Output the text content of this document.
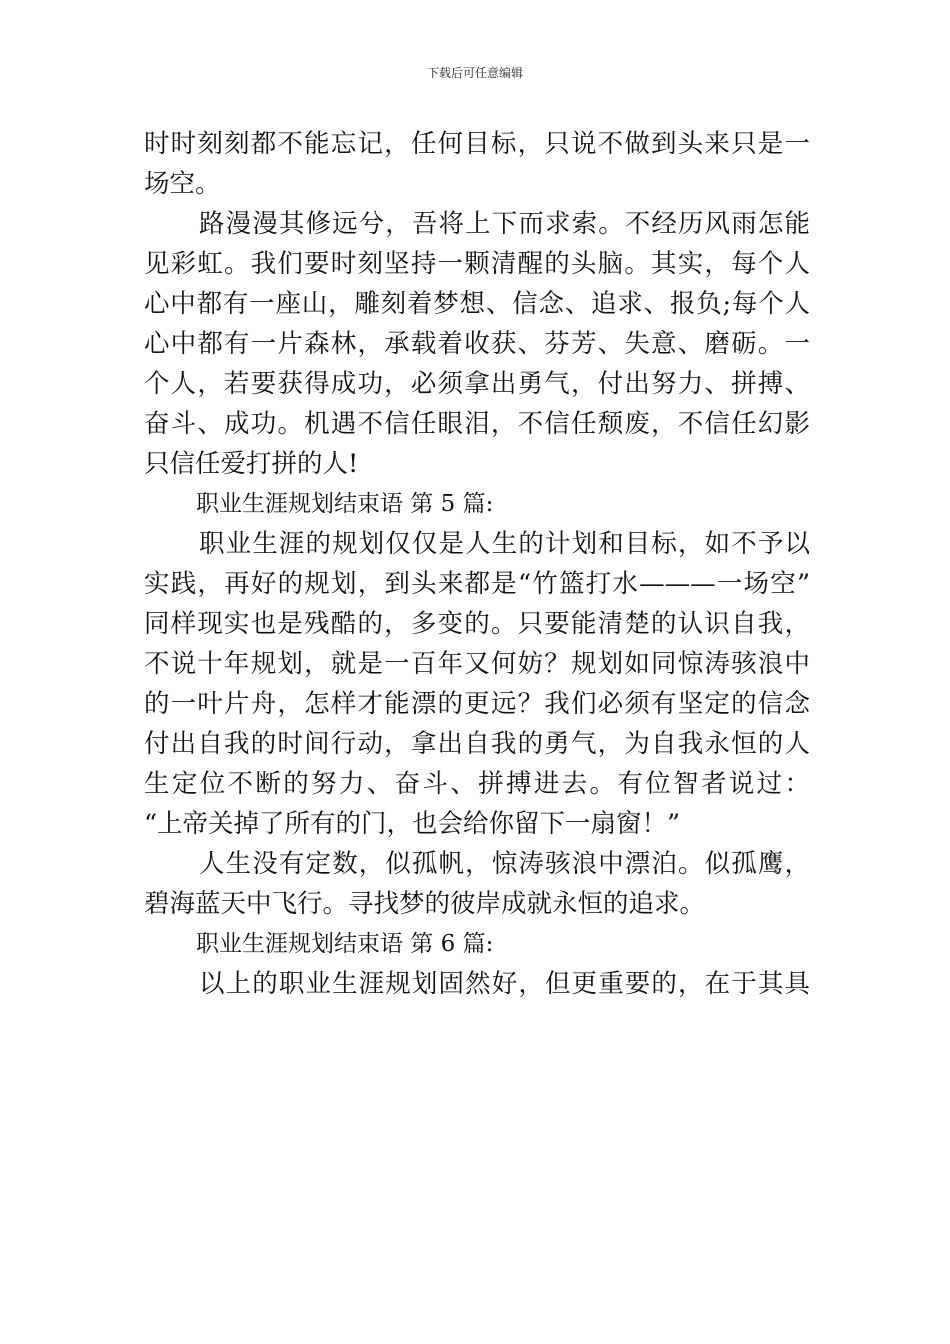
下载后可任意编辑
时时刻刻都不能忘记，任何目标，只说不做到头来只是一
场空。
路漫漫其修远兮，吾将上下而求索。不经历风雨怎能
见彩虹。我们要时刻坚持一颗清醒的头脑。其实，每个人
心中都有一座山，雕刻着梦想、信念、追求、报负;每个人
心中都有一片森林，承载着收获、芬芳、失意、磨砺。一
个人，若要获得成功，必须拿出勇气，付出努力、拼搏、
奋斗、成功。机遇不信任眼泪，不信任颓废，不信任幻影
只信任爱打拼的人!
职业生涯规划结束语 第 5 篇:
职业生涯的规划仅仅是人生的计划和目标，如不予以
实践，再好的规划，到头来都是“竹篮打水———一场空”
同样现实也是残酷的，多变的。只要能清楚的认识自我，
不说十年规划，就是一百年又何妨？规划如同惊涛骇浪中
的一叶片舟，怎样才能漂的更远？我们必须有坚定的信念
付出自我的时间行动，拿出自我的勇气，为自我永恒的人
生定位不断的努力、奋斗、拼搏进去。有位智者说过：
“上帝关掉了所有的门，也会给你留下一扇窗！”
人生没有定数，似孤帆，惊涛骇浪中漂泊。似孤鹰，
碧海蓝天中飞行。寻找梦的彼岸成就永恒的追求。
职业生涯规划结束语 第 6 篇:
以上的职业生涯规划固然好，但更重要的，在于其具
